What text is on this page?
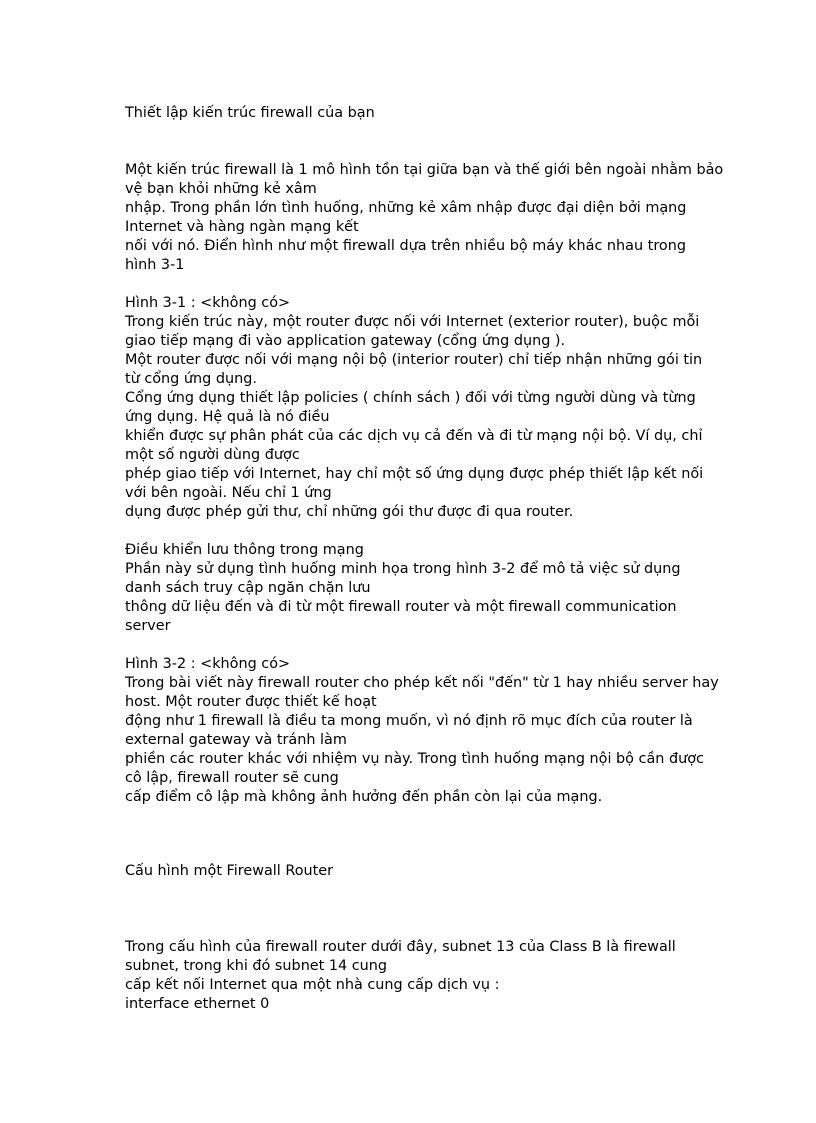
Thiết lập kiến trúc firewall của bạn
Một kiến trúc firewall là 1 mô hình tồn tại giữa bạn và thế giới bên ngoài nhằm bảo
vệ bạn khỏi những kẻ xâm
nhập. Trong phần lớn tình huống, những kẻ xâm nhập được đại diện bởi mạng
Internet và hàng ngàn mạng kết
nối với nó. Điển hình như một firewall dựa trên nhiều bộ máy khác nhau trong
hình 3-1
Hình 3-1 : <không có>
Trong kiến trúc này, một router được nối với Internet (exterior router), buộc mỗi
giao tiếp mạng đi vào application gateway (cổng ứng dụng ).
Một router được nối với mạng nội bộ (interior router) chỉ tiếp nhận những gói tin
từ cổng ứng dụng.
Cổng ứng dụng thiết lập policies ( chính sách ) đối với từng người dùng và từng
ứng dụng. Hệ quả là nó điều
khiển được sự phân phát của các dịch vụ cả đến và đi từ mạng nội bộ. Ví dụ, chỉ
một số người dùng được
phép giao tiếp với Internet, hay chỉ một số ứng dụng được phép thiết lập kết nối
với bên ngoài. Nếu chỉ 1 ứng
dụng được phép gửi thư, chỉ những gói thư được đi qua router.
Điều khiển lưu thông trong mạng
Phần này sử dụng tình huống minh họa trong hình 3-2 để mô tả việc sử dụng
danh sách truy cập ngăn chặn lưu
thông dữ liệu đến và đi từ một firewall router và một firewall communication
server
Hình 3-2 : <không có>
Trong bài viết này firewall router cho phép kết nối "đến" từ 1 hay nhiều server hay
host. Một router được thiết kế hoạt
động như 1 firewall là điều ta mong muốn, vì nó định rõ mục đích của router là
external gateway và tránh làm
phiền các router khác với nhiệm vụ này. Trong tình huống mạng nội bộ cần được
cô lập, firewall router sẽ cung
cấp điểm cô lập mà không ảnh hưởng đến phần còn lại của mạng.
Cấu hình một Firewall Router
Trong cấu hình của firewall router dưới đây, subnet 13 của Class B là firewall
subnet, trong khi đó subnet 14 cung
cấp kết nối Internet qua một nhà cung cấp dịch vụ :
interface ethernet 0
